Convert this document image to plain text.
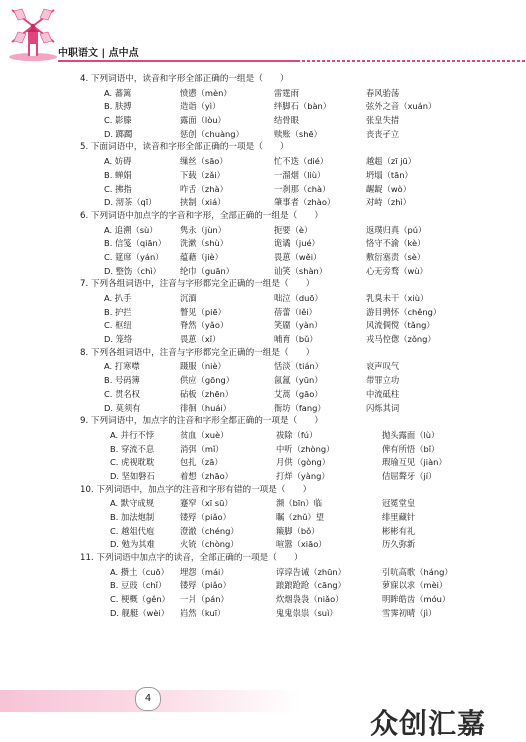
中职语文 | 点中点
4. 下列词语中，读音和字形全部正确的一组是（　　）
A. 蕃篱	愤懑（mèn）	雷霆雨	春风骀荡
B. 肤搏	造诣（yì）	绊脚石（bàn）	弦外之音（xuán）
C. 影滕	露面（lòu）	结骨眼	张皇失措
D. 踯躅	惩创（chuàng）	赎账（shē）	丧丧孑立
5. 下面词语中，读音和字形全部正确的一项是（　　）
A. 妨碍	缫丝（sāo）	忙不迭（dié）	越趄（zī jū）
B. 蝉娟	下载（zǎi）	一溜烟（liù）	坍塌（tān）
C. 拂指	咋舌（zhà）	一刹那（chà）	龌龊（wò）
D. 沏茶（qī）	挟制（xiá）	肇事者（zhào）	对峙（zhì）
6. 下列词语中加点字的字音和字形，全部正确的一组是（　　）
A. 追溯（sù）	隽永（jùn）	扼要（è）	返璞归真（pú）
B. 信笺（qiān） 洗漱（shù）	诡谲（jué）	恪守不渝（kè）
C. 筵席（yán） 蕴藉（jiè）	畏葸（wěi）	敷衍塞责（sè）
D. 整饬（chì） 纶巾（guān）	讪笑（shàn）	心无旁骛（wù）
7. 下列各组词语中，注音与字形都完全正确的一组是（　　）
A. 扒手	沉湎	咄泣（duō）	乳臭未干（xiù）
B. 护拦	瞥见（piē）	蓓蕾（lěi）	游目骋怀（chěng）
C. 枢纽	脊然（yǎo）	笑靥（yàn）	风流倜傥（tǎng）
D. 笼络	畏葸（xǐ）	哺育（bǔ）	戎马倥偬（zǒng）
8. 下列各组词语中，注音与字形都完全正确的一组是（　　）
A. 打寒噤	蹑服（niè）	恬淡（tián）	哀声叹气
B. 号码簿	供应（gōng）	氤氲（yūn）	带罪立功
C. 贯名权	砧板（zhēn）	艾蒿（gāo）	中流砥柱
D. 莫须有	徘徊（huái）	衙坊（fang）	闪烁其词
9. 下列词语中，加点字的注音和字形全都正确的一项是（　　）
A. 并行不悖	贫血（xuè）	祓除（fú）	抛头露面（lù）
B. 穿流不息	消弭（mǐ）	中听（zhòng）	俾有所悟（bǐ）
C. 虎视耽耽	包扎（zā）	月供（gòng）	瑕瑜互见（jiàn）
D. 坚如磐石	着想（zhāo）	打烊（yàng）	佶屈聱牙（jí）
10. 下列词语中，加点字的注音和字形有错的一项是（　　）
A. 默守成规	蹇窄（xī sū）	濒（bīn）临	冠冕堂皇
B. 加法炮制	镂殍（piǎo）	瞩（zhǔ）望	绯里藏针
C. 越俎代庖	澄澈（chéng）	簸脚（bǒ）	彬彬有礼
D. 勉为其难	火铳（chòng）	喧嚣（xiāo）	历久弥新
11. 下列词语中加点字的读音，全部正确的一项是（　　）
A. 攒土（cuō） 埋怨（mái）	谆谆告诫（zhūn）	引吭高歌（háng）
B. 豆豉（chǐ） 镂殍（piǎo）	踉踉跄跄（cāng）	萝寐以求（mèi）
C. 梗概（gěn） 一爿（pán）	炊烟袅袅（niǎo）	明眸皓齿（móu）
D. 舰艇（wèi） 岿然（kuī）	鬼鬼祟祟（suì）	雪霁初晴（jì）
4
众创汇嘉
